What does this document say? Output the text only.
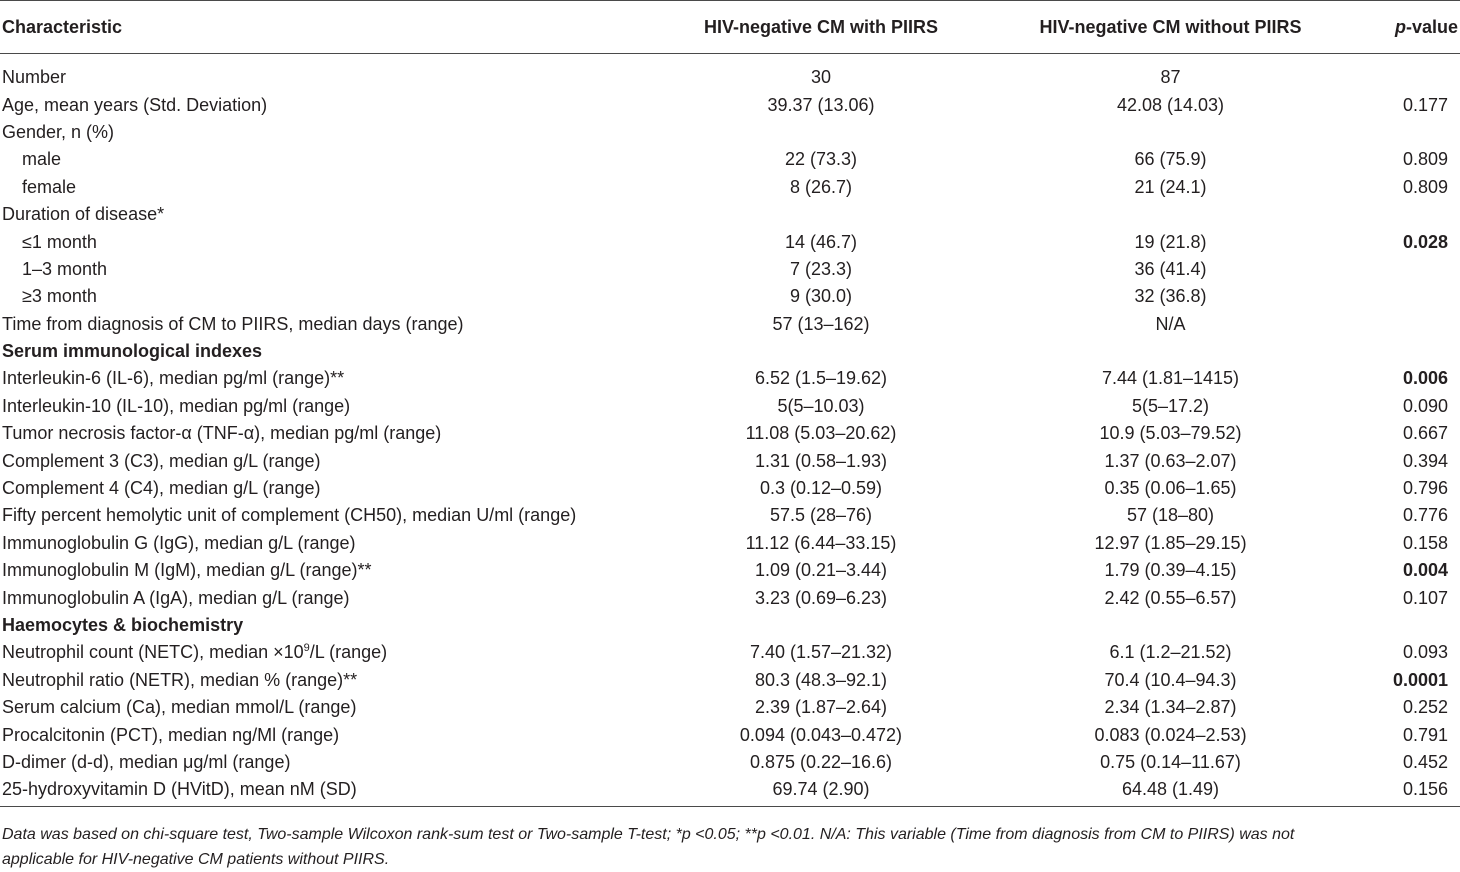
Characteristic	HIV-negative CM with PIIRS	HIV-negative CM without PIIRS	p-value

Number	30	87	
Age, mean years (Std. Deviation)	39.37 (13.06)	42.08 (14.03)	0.177
Gender, n (%)			
male	22 (73.3)	66 (75.9)	0.809
female	8 (26.7)	21 (24.1)	0.809
Duration of disease*			
≤1 month	14 (46.7)	19 (21.8)	0.028
1–3 month	7 (23.3)	36 (41.4)	
≥3 month	9 (30.0)	32 (36.8)	
Time from diagnosis of CM to PIIRS, median days (range)	57 (13–162)	N/A	
Serum immunological indexes			
Interleukin-6 (IL-6), median pg/ml (range)**	6.52 (1.5–19.62)	7.44 (1.81–1415)	0.006
Interleukin-10 (IL-10), median pg/ml (range)	5(5–10.03)	5(5–17.2)	0.090
Tumor necrosis factor-α (TNF-α), median pg/ml (range)	11.08 (5.03–20.62)	10.9 (5.03–79.52)	0.667
Complement 3 (C3), median g/L (range)	1.31 (0.58–1.93)	1.37 (0.63–2.07)	0.394
Complement 4 (C4), median g/L (range)	0.3 (0.12–0.59)	0.35 (0.06–1.65)	0.796
Fifty percent hemolytic unit of complement (CH50), median U/ml (range)	57.5 (28–76)	57 (18–80)	0.776
Immunoglobulin G (IgG), median g/L (range)	11.12 (6.44–33.15)	12.97 (1.85–29.15)	0.158
Immunoglobulin M (IgM), median g/L (range)**	1.09 (0.21–3.44)	1.79 (0.39–4.15)	0.004
Immunoglobulin A (IgA), median g/L (range)	3.23 (0.69–6.23)	2.42 (0.55–6.57)	0.107
Haemocytes & biochemistry			
Neutrophil count (NETC), median $\times 10^9/L$ (range)	7.40 (1.57–21.32)	6.1 (1.2–21.52)	0.093
Neutrophil ratio (NETR), median % (range)**	80.3 (48.3–92.1)	70.4 (10.4–94.3)	0.0001
Serum calcium (Ca), median mmol/L (range)	2.39 (1.87–2.64)	2.34 (1.34–2.87)	0.252
Procalcitonin (PCT), median ng/Ml (range)	0.094 (0.043–0.472)	0.083 (0.024–2.53)	0.791
D-dimer (d-d), median μg/ml (range)	0.875 (0.22–16.6)	0.75 (0.14–11.67)	0.452
25-hydroxyvitamin D (HVitD), mean nM (SD)	69.74 (2.90)	64.48 (1.49)	0.156
Data was based on chi-square test, Two-sample Wilcoxon rank-sum test or Two-sample T-test; *p <0.05; **p <0.01. N/A: This variable (Time from diagnosis from CM to PIIRS) was not
applicable for HIV-negative CM patients without PIIRS.
